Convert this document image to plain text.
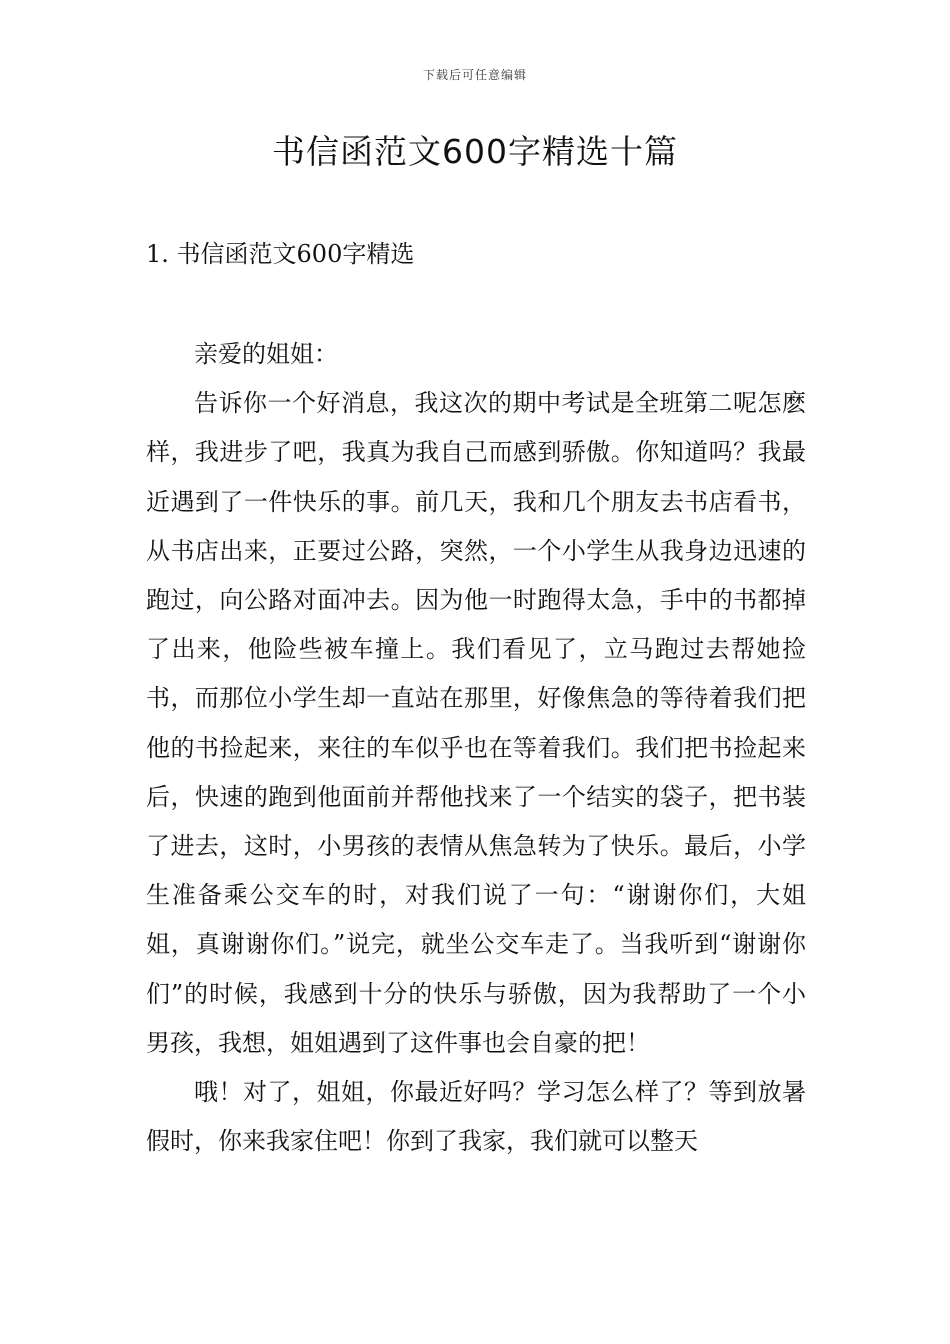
下载后可任意编辑
书信函范文600字精选十篇
1. 书信函范文600字精选

亲爱的姐姐：

告诉你一个好消息，我这次的期中考试是全班第二呢怎麽样，我进步了吧，我真为我自己而感到骄傲。你知道吗？我最近遇到了一件快乐的事。前几天，我和几个朋友去书店看书，从书店出来，正要过公路，突然，一个小学生从我身边迅速的跑过，向公路对面冲去。因为他一时跑得太急，手中的书都掉了出来，他险些被车撞上。我们看见了，立马跑过去帮她捡书，而那位小学生却一直站在那里，好像焦急的等待着我们把他的书捡起来，来往的车似乎也在等着我们。我们把书捡起来后，快速的跑到他面前并帮他找来了一个结实的袋子，把书装了进去，这时，小男孩的表情从焦急转为了快乐。最后，小学生准备乘公交车的时，对我们说了一句：“谢谢你们，大姐姐，真谢谢你们。”说完，就坐公交车走了。当我听到“谢谢你们”的时候，我感到十分的快乐与骄傲，因为我帮助了一个小男孩，我想，姐姐遇到了这件事也会自豪的把！

哦！对了，姐姐，你最近好吗？学习怎么样了？等到放暑假时，你来我家住吧！你到了我家，我们就可以整天
